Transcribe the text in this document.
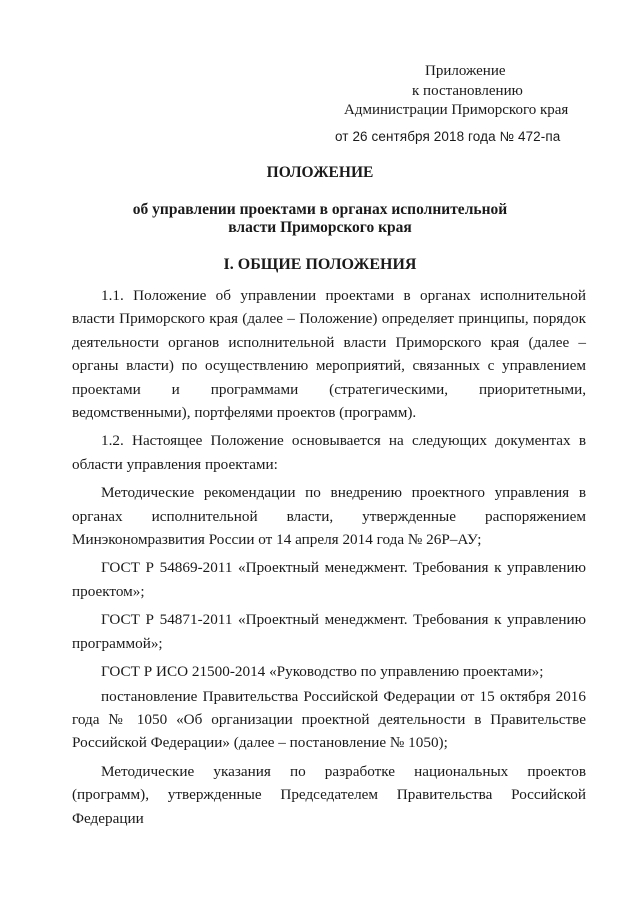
Приложение
к постановлению
Администрации Приморского края
от 26 сентября 2018 года № 472-па
ПОЛОЖЕНИЕ
об управлении проектами в органах исполнительной
власти Приморского края
I. ОБЩИЕ ПОЛОЖЕНИЯ

1.1. Положение об управлении проектами в органах исполнительной власти Приморского края (далее – Положение) определяет принципы, порядок деятельности органов исполнительной власти Приморского края (далее – органы власти) по осуществлению мероприятий, связанных с управлением проектами и программами (стратегическими, приоритетными, ведомственными), портфелями проектов (программ).

1.2. Настоящее Положение основывается на следующих документах в области управления проектами:

Методические рекомендации по внедрению проектного управления в органах исполнительной власти, утвержденные распоряжением Минэкономразвития России от 14 апреля 2014 года № 26Р–АУ;

ГОСТ Р 54869-2011 «Проектный менеджмент. Требования к управлению проектом»;

ГОСТ Р 54871-2011 «Проектный менеджмент. Требования к управлению программой»;

ГОСТ Р ИСО 21500-2014 «Руководство по управлению проектами»;

постановление Правительства Российской Федерации от 15 октября 2016 года № 1050 «Об организации проектной деятельности в Правительстве Российской Федерации» (далее – постановление № 1050);

Методические указания по разработке национальных проектов (программ), утвержденные Председателем Правительства Российской Федерации
